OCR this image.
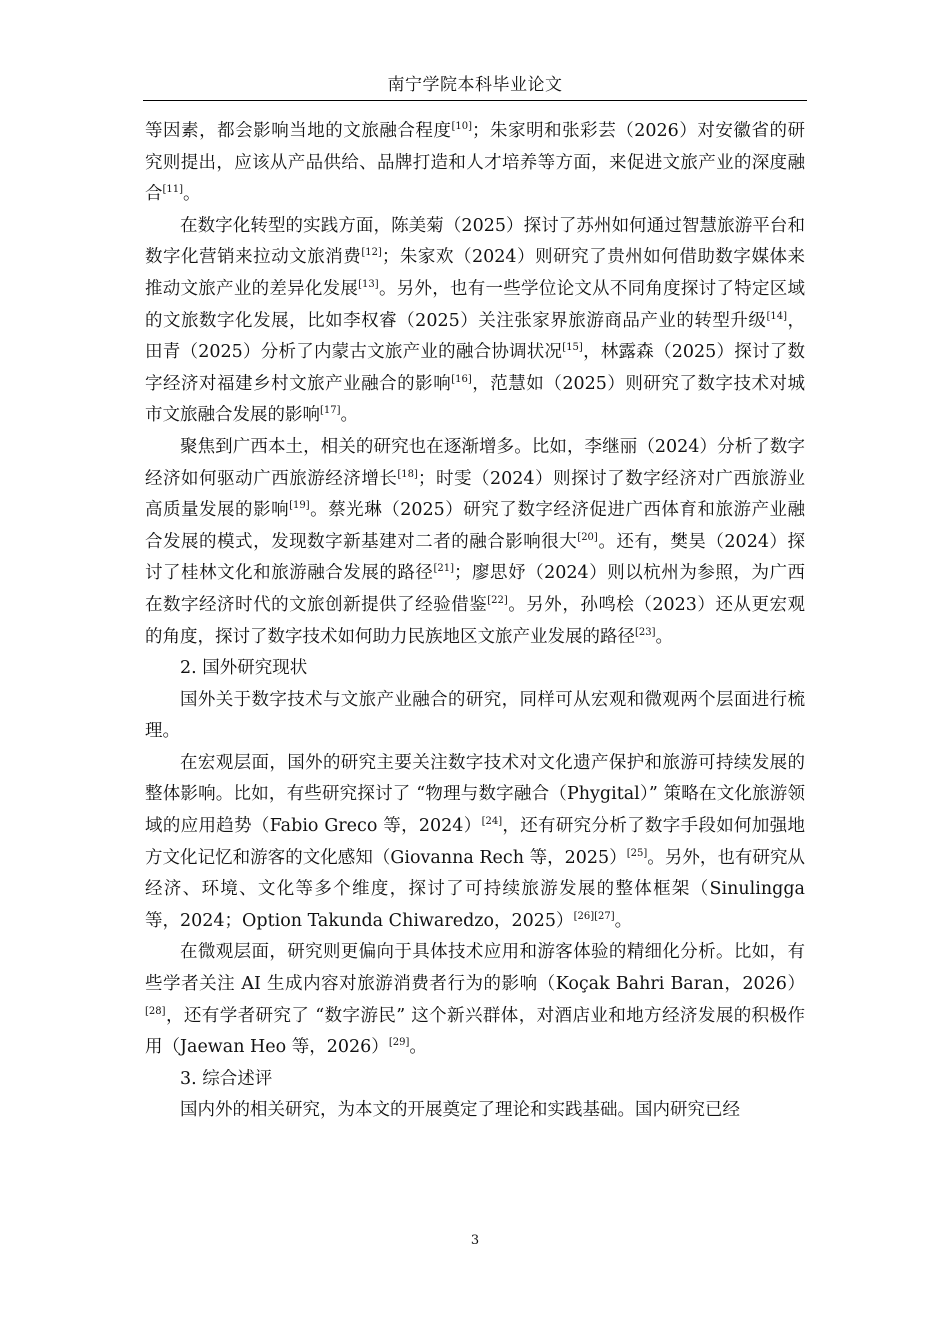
南宁学院本科毕业论文

等因素，都会影响当地的文旅融合程度[10]；朱家明和张彩芸（2026）对安徽省的研究则提出，应该从产品供给、品牌打造和人才培养等方面，来促进文旅产业的深度融合[11]。

在数字化转型的实践方面，陈美菊（2025）探讨了苏州如何通过智慧旅游平台和数字化营销来拉动文旅消费[12]；朱家欢（2024）则研究了贵州如何借助数字媒体来推动文旅产业的差异化发展[13]。另外，也有一些学位论文从不同角度探讨了特定区域的文旅数字化发展，比如李权睿（2025）关注张家界旅游商品产业的转型升级[14]，田青（2025）分析了内蒙古文旅产业的融合协调状况[15]，林露森（2025）探讨了数字经济对福建乡村文旅产业融合的影响[16]，范慧如（2025）则研究了数字技术对城市文旅融合发展的影响[17]。

聚焦到广西本土，相关的研究也在逐渐增多。比如，李继丽（2024）分析了数字经济如何驱动广西旅游经济增长[18]；时雯（2024）则探讨了数字经济对广西旅游业高质量发展的影响[19]。蔡光琳（2025）研究了数字经济促进广西体育和旅游产业融合发展的模式，发现数字新基建对二者的融合影响很大[20]。还有，樊昊（2024）探讨了桂林文化和旅游融合发展的路径[21]；廖思妤（2024）则以杭州为参照，为广西在数字经济时代的文旅创新提供了经验借鉴[22]。另外，孙鸣桧（2023）还从更宏观的角度，探讨了数字技术如何助力民族地区文旅产业发展的路径[23]。

2. 国外研究现状

国外关于数字技术与文旅产业融合的研究，同样可从宏观和微观两个层面进行梳理。

在宏观层面，国外的研究主要关注数字技术对文化遗产保护和旅游可持续发展的整体影响。比如，有些研究探讨了 “物理与数字融合（Phygital）” 策略在文化旅游领域的应用趋势（Fabio Greco 等，2024）[24]，还有研究分析了数字手段如何加强地方文化记忆和游客的文化感知（Giovanna Rech 等，2025）[25]。另外，也有研究从经济、环境、文化等多个维度，探讨了可持续旅游发展的整体框架（Sinulingga 等，2024；Option Takunda Chiwaredzo，2025）[26][27]。

在微观层面，研究则更偏向于具体技术应用和游客体验的精细化分析。比如，有些学者关注 AI 生成内容对旅游消费者行为的影响（Koçak Bahri Baran，2026）[28]，还有学者研究了 “数字游民” 这个新兴群体，对酒店业和地方经济发展的积极作用（Jaewan Heo 等，2026）[29]。

3. 综合述评

国内外的相关研究，为本文的开展奠定了理论和实践基础。国内研究已经

3
